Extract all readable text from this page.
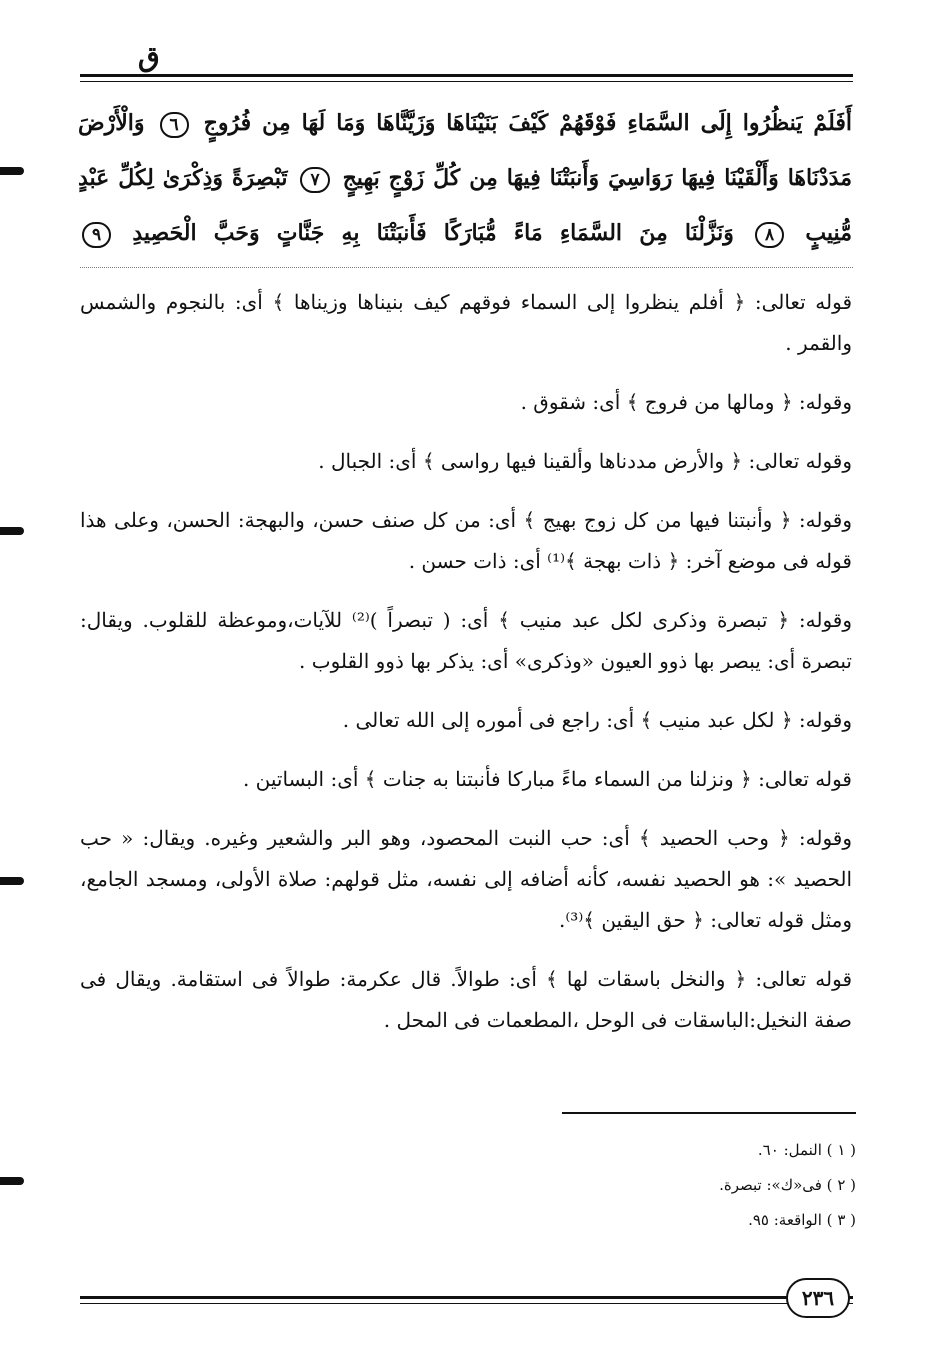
ق
أَفَلَمْ يَنظُرُوا إِلَى السَّمَاءِ فَوْقَهُمْ كَيْفَ بَنَيْنَاهَا وَزَيَّنَّاهَا وَمَا لَهَا مِن فُرُوجٍ ٦ وَالْأَرْضَ مَدَدْنَاهَا وَأَلْقَيْنَا فِيهَا رَوَاسِيَ وَأَنبَتْنَا فِيهَا مِن كُلِّ زَوْجٍ بَهِيجٍ ٧ تَبْصِرَةً وَذِكْرَىٰ لِكُلِّ عَبْدٍ مُّنِيبٍ ٨ وَنَزَّلْنَا مِنَ السَّمَاءِ مَاءً مُّبَارَكًا فَأَنبَتْنَا بِهِ جَنَّاتٍ وَحَبَّ الْحَصِيدِ ٩

قوله تعالى: ﴿ أفلم ينظروا إلى السماء فوقهم كيف بنيناها وزيناها ﴾ أى: بالنجوم والشمس والقمر .

وقوله: ﴿ ومالها من فروج ﴾ أى: شقوق .

وقوله تعالى: ﴿ والأرض مددناها وألقينا فيها رواسى ﴾ أى: الجبال .

وقوله: ﴿ وأنبتنا فيها من كل زوج بهيج ﴾ أى: من كل صنف حسن، والبهجة: الحسن، وعلى هذا قوله فى موضع آخر: ﴿ ذات بهجة ﴾⁽¹⁾ أى: ذات حسن .

وقوله: ﴿ تبصرة وذكرى لكل عبد منيب ﴾ أى: ( تبصراً )⁽²⁾ للآيات،وموعظة للقلوب. ويقال: تبصرة أى: يبصر بها ذوو العيون «وذكرى» أى: يذكر بها ذوو القلوب .

وقوله: ﴿ لكل عبد منيب ﴾ أى: راجع فى أموره إلى الله تعالى .

قوله تعالى: ﴿ ونزلنا من السماء ماءً مباركا فأنبتنا به جنات ﴾ أى: البساتين .

وقوله: ﴿ وحب الحصيد ﴾ أى: حب النبت المحصود، وهو البر والشعير وغيره. ويقال: « حب الحصيد »: هو الحصيد نفسه، كأنه أضافه إلى نفسه، مثل قولهم: صلاة الأولى، ومسجد الجامع، ومثل قوله تعالى: ﴿ حق اليقين ﴾⁽³⁾.

قوله تعالى: ﴿ والنخل باسقات لها ﴾ أى: طوالاً. قال عكرمة: طوالاً فى استقامة. ويقال فى صفة النخيل:الباسقات فى الوحل ،المطعمات فى المحل .

( ١ ) النمل: ٦٠.
( ٢ ) فى«ك»: تبصرة.
( ٣ ) الواقعة: ٩٥.
٢٣٦
